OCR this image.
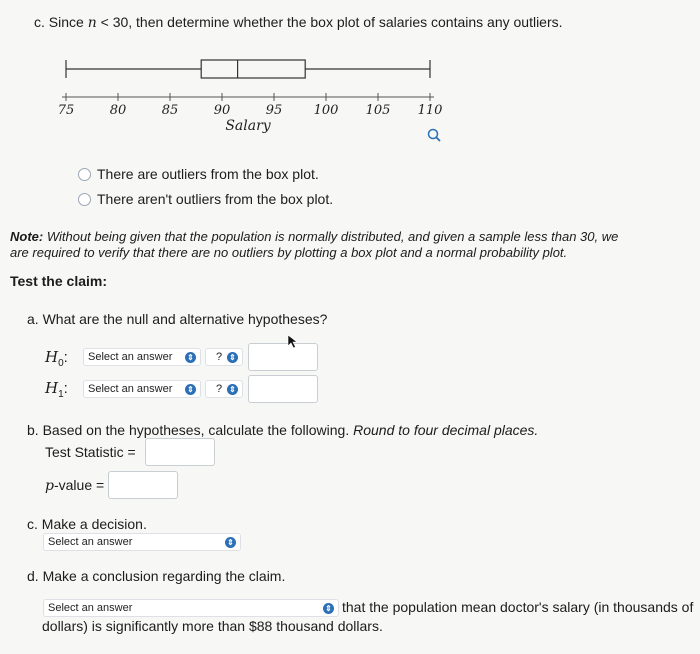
c. Since n < 30, then determine whether the box plot of salaries contains any outliers.
75	80	85	90	95 100 105 110
Salary
There are outliers from the box plot.
There aren't outliers from the box plot.
Note: Without being given that the population is normally distributed, and given a sample less than 30, we
are required to verify that there are no outliers by plotting a box plot and a normal probability plot.
Test the claim:
a. What are the null and alternative hypotheses?
$H_0$: Select an answer ⇕ ? ⇕
$H_1$: Select an answer ⇕ ? ⇕
b. Based on the hypotheses, calculate the following. Round to four decimal places.
Test Statistic =
p-value =
c. Make a decision.
Select an answer	⇕
d. Make a conclusion regarding the claim.
Select an answer	⇕ that the population mean doctor's salary (in thousands of
dollars) is significantly more than $88 thousand dollars.
